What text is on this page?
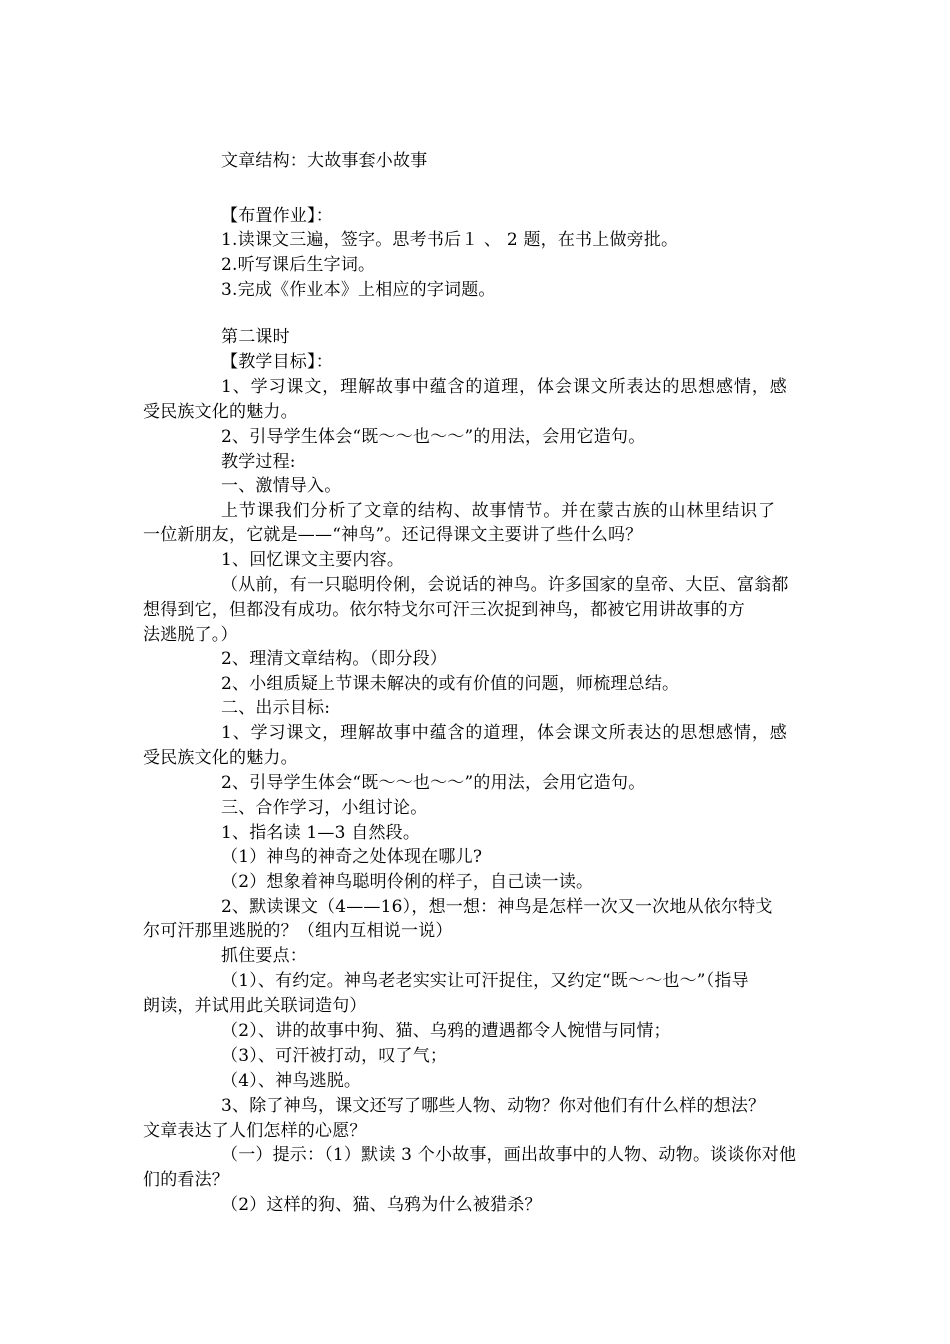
文章结构：大故事套小故事
【布置作业】：
1.读课文三遍，签字。思考书后１ 、 2 题，在书上做旁批。
2.听写课后生字词。
3.完成《作业本》上相应的字词题。
第二课时
【教学目标】：
1、学习课文，理解故事中蕴含的道理，体会课文所表达的思想感情，感
受民族文化的魅力。
2、引导学生体会“既～～也～～”的用法，会用它造句。
教学过程:
一、激情导入。
上节课我们分析了文章的结构、故事情节。并在蒙古族的山林里结识了
一位新朋友，它就是——“神鸟”。还记得课文主要讲了些什么吗？
1、回忆课文主要内容。
（从前，有一只聪明伶俐，会说话的神鸟。许多国家的皇帝、大臣、富翁都
想得到它，但都没有成功。依尔特戈尔可汗三次捉到神鸟，都被它用讲故事的方
法逃脱了。）
2、理清文章结构。（即分段）
2、小组质疑上节课未解决的或有价值的问题，师梳理总结。
二、出示目标:
1、学习课文，理解故事中蕴含的道理，体会课文所表达的思想感情，感
受民族文化的魅力。
2、引导学生体会“既～～也～～”的用法，会用它造句。
三、合作学习，小组讨论。
1、指名读 1—3 自然段。
（1）神鸟的神奇之处体现在哪儿?
（2）想象着神鸟聪明伶俐的样子，自己读一读。
2、默读课文（4——16），想一想：神鸟是怎样一次又一次地从依尔特戈
尔可汗那里逃脱的？（组内互相说一说）
抓住要点：
（1）、有约定。神鸟老老实实让可汗捉住，又约定“既～～也～”（指导
朗读，并试用此关联词造句）
（2）、讲的故事中狗、猫、乌鸦的遭遇都令人惋惜与同情；
（3）、可汗被打动，叹了气；
（4）、神鸟逃脱。
3、除了神鸟，课文还写了哪些人物、动物？你对他们有什么样的想法？
文章表达了人们怎样的心愿？
（一）提示：（1）默读 3 个小故事，画出故事中的人物、动物。谈谈你对他
们的看法？
（2）这样的狗、猫、乌鸦为什么被猎杀？
